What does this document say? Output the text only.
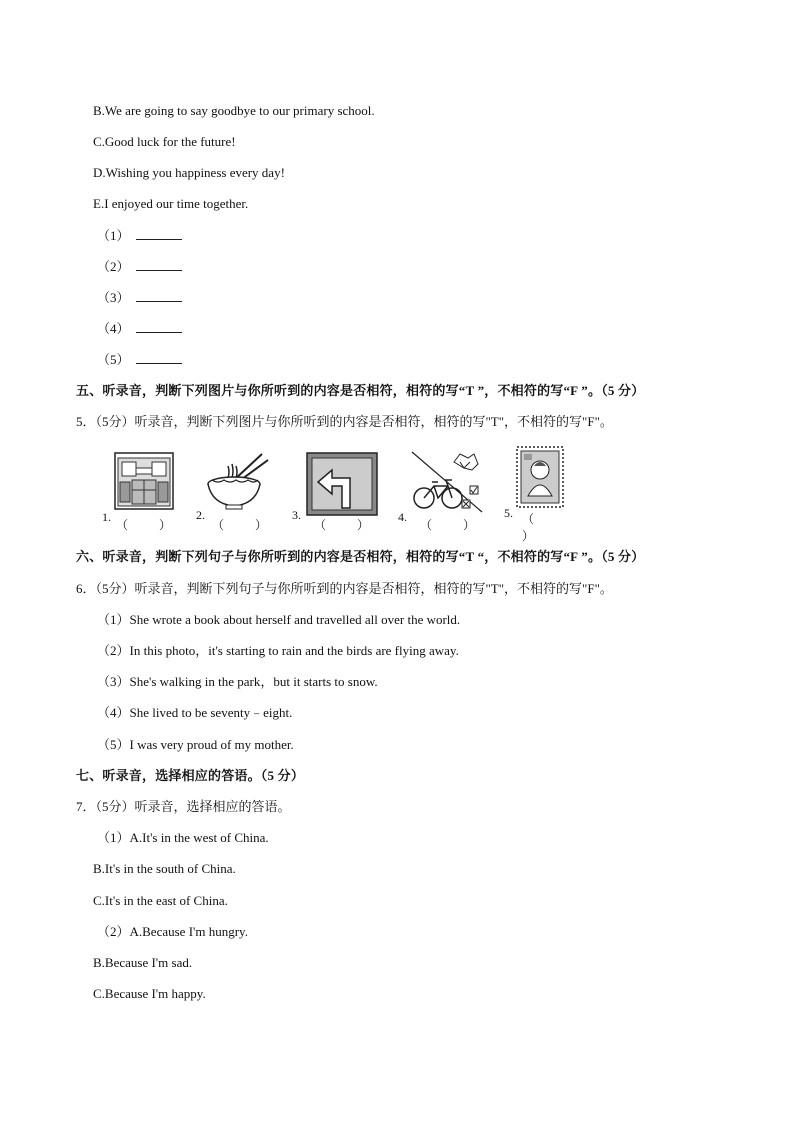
B.We are going to say goodbye to our primary school.
C.Good luck for the future!
D.Wishing you happiness every day!
E.I enjoyed our time together.
（1）
（2）
（3）
（4）
（5）
五、听录音，判断下列图片与你所听到的内容是否相符，相符的写“T ”，不相符的写“F ”。（5 分）
5．（5分）听录音，判断下列图片与你所听到的内容是否相符，相符的写"T"，不相符的写"F"。
1.
（ ）
2.
（ ）
3.
（ ）
4.
（ ）
5. （ ）
六、听录音，判断下列句子与你所听到的内容是否相符，相符的写“T “，不相符的写“F ”。（5 分）
6．（5分）听录音，判断下列句子与你所听到的内容是否相符，相符的写"T"，不相符的写"F"。
（1）She wrote a book about herself and travelled all over the world.
（2）In this photo，it's starting to rain and the birds are flying away.
（3）She's walking in the park，but it starts to snow.
（4）She lived to be seventy﹣eight.
（5）I was very proud of my mother.
七、听录音，选择相应的答语。（5 分）
7．（5分）听录音，选择相应的答语。
（1）A.It's in the west of China.
B.It's in the south of China.
C.It's in the east of China.
（2）A.Because I'm hungry.
B.Because I'm sad.
C.Because I'm happy.
